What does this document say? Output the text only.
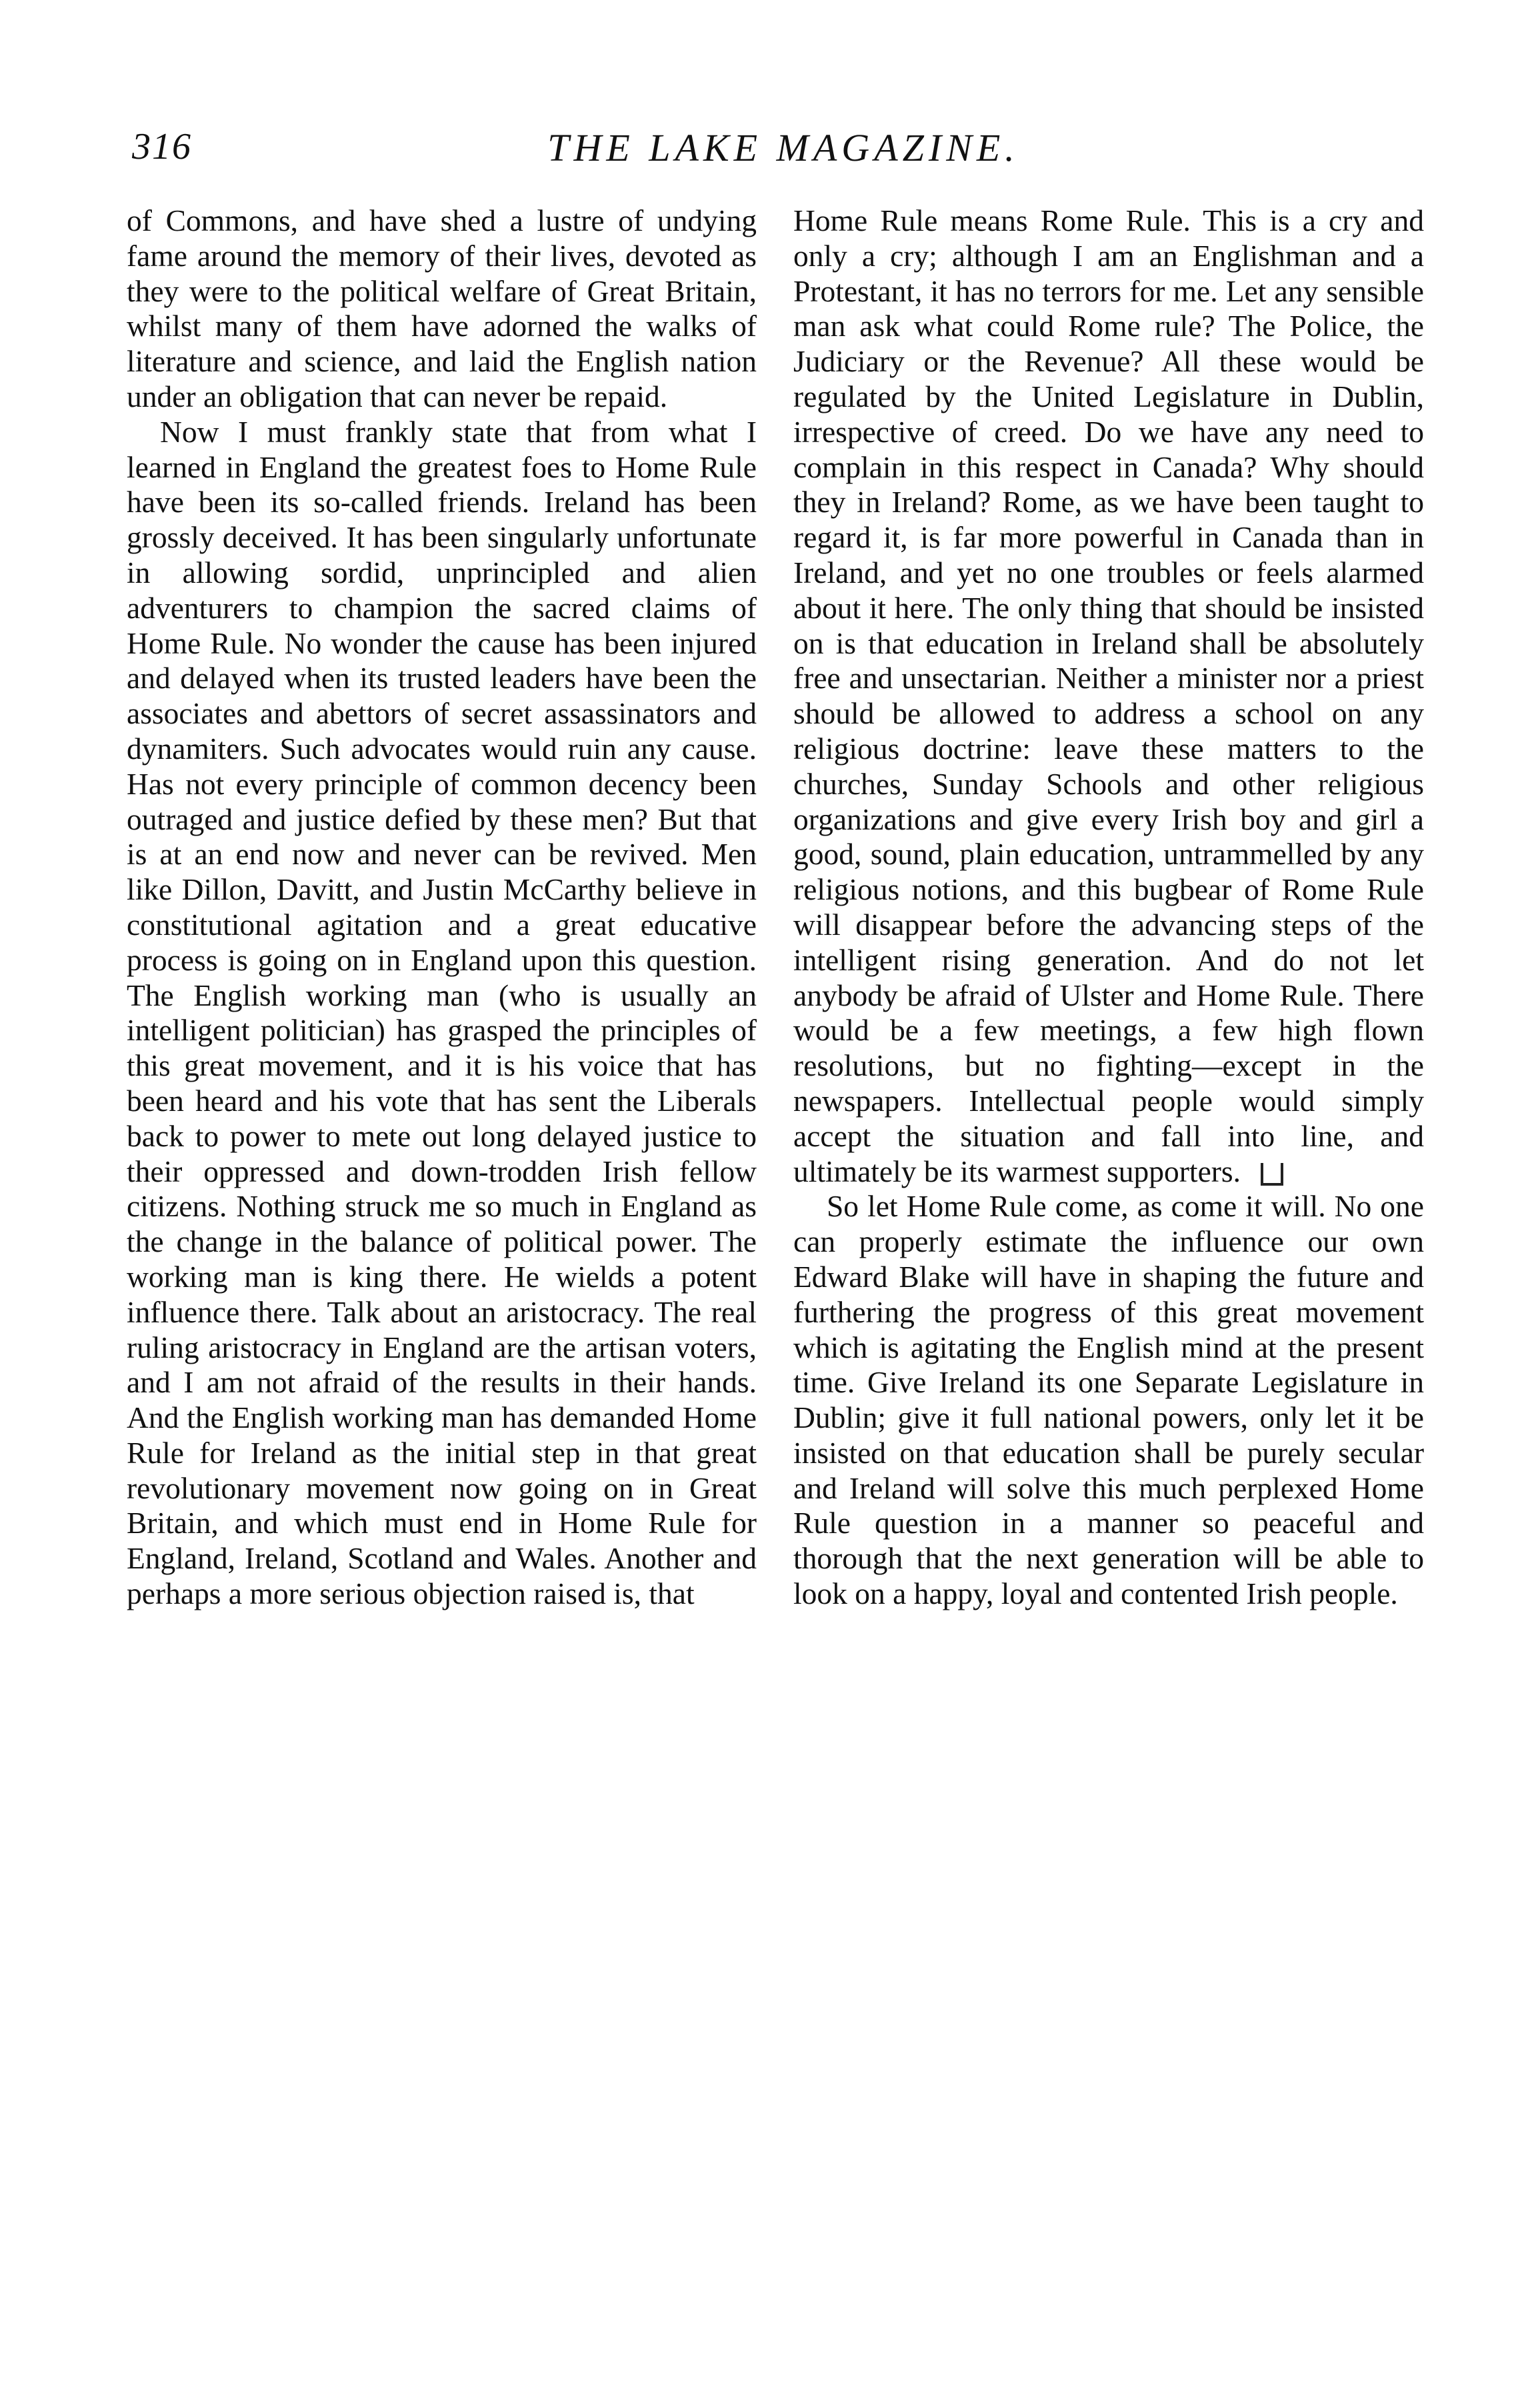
316	THE LAKE MAGAZINE.

of Commons, and have shed a lustre of undying fame around the memory of their lives, devoted as they were to the political welfare of Great Britain, whilst many of them have adorned the walks of literature and science, and laid the English nation under an obligation that can never be repaid.

Now I must frankly state that from what I learned in England the greatest foes to Home Rule have been its so-called friends. Ireland has been grossly deceived. It has been singularly unfortunate in allowing sordid, unprincipled and alien adventurers to champion the sacred claims of Home Rule. No wonder the cause has been injured and delayed when its trusted leaders have been the associates and abettors of secret assassinators and dynamiters. Such advocates would ruin any cause. Has not every principle of common decency been outraged and justice defied by these men? But that is at an end now and never can be revived. Men like Dillon, Davitt, and Justin McCarthy believe in constitutional agitation and a great educative process is going on in England upon this question. The English working man (who is usually an intelligent politician) has grasped the principles of this great movement, and it is his voice that has been heard and his vote that has sent the Liberals back to power to mete out long delayed justice to their oppressed and down-trodden Irish fellow citizens. Nothing struck me so much in England as the change in the balance of political power. The working man is king there. He wields a potent influence there. Talk about an aristocracy. The real ruling aristocracy in England are the artisan voters, and I am not afraid of the results in their hands. And the English working man has demanded Home Rule for Ireland as the initial step in that great revolutionary movement now going on in Great Britain, and which must end in Home Rule for England, Ireland, Scotland and Wales. Another and perhaps a more serious objection raised is, that

Home Rule means Rome Rule. This is a cry and only a cry; although I am an Englishman and a Protestant, it has no terrors for me. Let any sensible man ask what could Rome rule? The Police, the Judiciary or the Revenue? All these would be regulated by the United Legislature in Dublin, irrespective of creed. Do we have any need to complain in this respect in Canada? Why should they in Ireland? Rome, as we have been taught to regard it, is far more powerful in Canada than in Ireland, and yet no one troubles or feels alarmed about it here. The only thing that should be insisted on is that education in Ireland shall be absolutely free and unsectarian. Neither a minister nor a priest should be allowed to address a school on any religious doctrine: leave these matters to the churches, Sunday Schools and other religious organizations and give every Irish boy and girl a good, sound, plain education, untrammelled by any religious notions, and this bugbear of Rome Rule will disappear before the advancing steps of the intelligent rising generation. And do not let anybody be afraid of Ulster and Home Rule. There would be a few meetings, a few high flown resolutions, but no fighting—except in the newspapers. Intellectual people would simply accept the situation and fall into line, and ultimately be its warmest supporters.

So let Home Rule come, as come it will. No one can properly estimate the influence our own Edward Blake will have in shaping the future and furthering the progress of this great movement which is agitating the English mind at the present time. Give Ireland its one Separate Legislature in Dublin; give it full national powers, only let it be insisted on that education shall be purely secular and Ireland will solve this much perplexed Home Rule question in a manner so peaceful and thorough that the next generation will be able to look on a happy, loyal and contented Irish people.
